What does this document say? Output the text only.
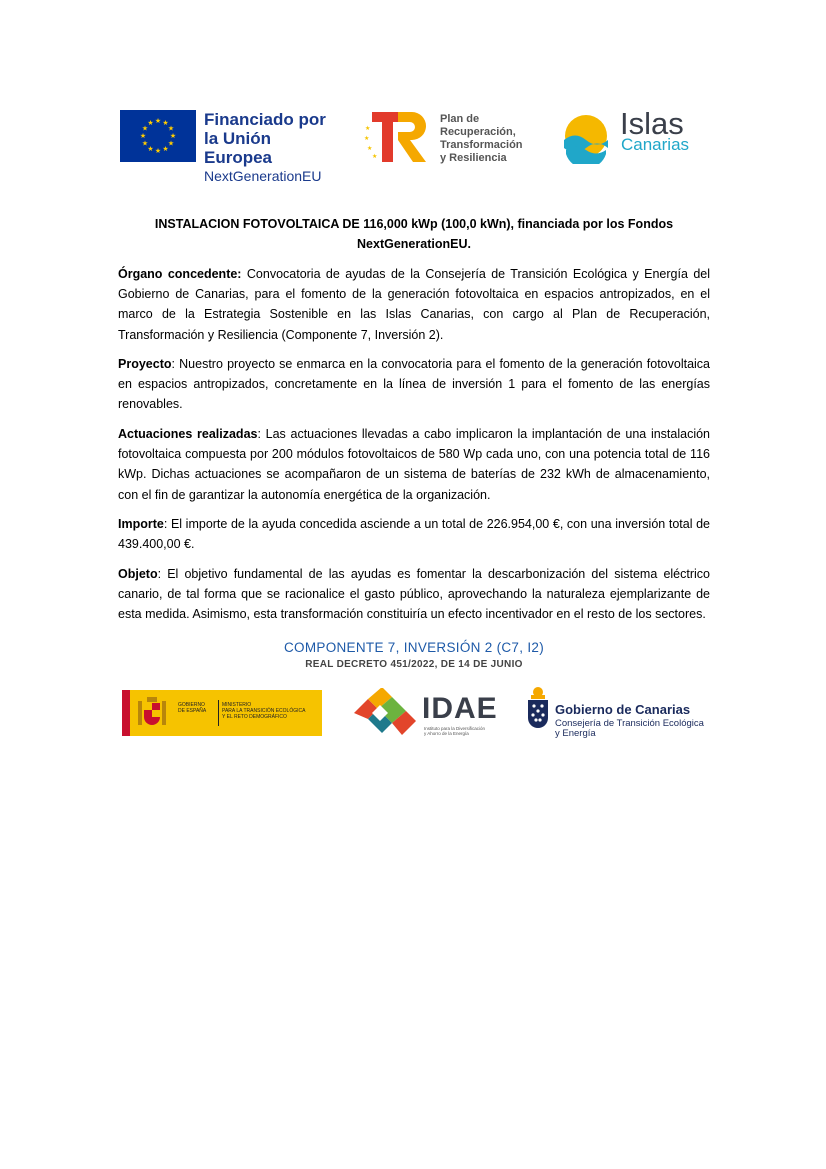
★ ★
★
★
★
★
★
★
★
★
★
★	Financiado por
la Unión Europea
NextGenerationEU
★
★
★
★
Plan de
Recuperación,
Transformación
y Resiliencia
Islas
Canarias
INSTALACION FOTOVOLTAICA DE 116,000 kWp (100,0 kWn), financiada por los Fondos
NextGenerationEU.

Órgano concedente: Convocatoria de ayudas de la Consejería de Transición Ecológica y Energía del Gobierno de Canarias, para el fomento de la generación fotovoltaica en espacios antropizados, en el marco de la Estrategia Sostenible en las Islas Canarias, con cargo al Plan de Recuperación, Transformación y Resiliencia (Componente 7, Inversión 2).

Proyecto: Nuestro proyecto se enmarca en la convocatoria para el fomento de la generación fotovoltaica en espacios antropizados, concretamente en la línea de inversión 1 para el fomento de las energías renovables.

Actuaciones realizadas: Las actuaciones llevadas a cabo implicaron la implantación de una instalación fotovoltaica compuesta por 200 módulos fotovoltaicos de 580 Wp cada uno, con una potencia total de 116 kWp. Dichas actuaciones se acompañaron de un sistema de baterías de 232 kWh de almacenamiento, con el fin de garantizar la autonomía energética de la organización.

Importe: El importe de la ayuda concedida asciende a un total de 226.954,00 €, con una inversión total de 439.400,00 €.

Objeto: El objetivo fundamental de las ayudas es fomentar la descarbonización del sistema eléctrico canario, de tal forma que se racionalice el gasto público, aprovechando la naturaleza ejemplarizante de esta medida. Asimismo, esta transformación constituiría un efecto incentivador en el resto de los sectores.

COMPONENTE 7, INVERSIÓN 2 (C7, I2)
REAL DECRETO 451/2022, DE 14 DE JUNIO
GOBIERNO
DE ESPAÑA
MINISTERIO
PARA LA TRANSICIÓN ECOLÓGICA
Y EL RETO DEMOGRÁFICO	IDAE
Instituto para la Diversificación
y Ahorro de la Energía
Gobierno de Canarias
Consejería de Transición Ecológica
y Energía
